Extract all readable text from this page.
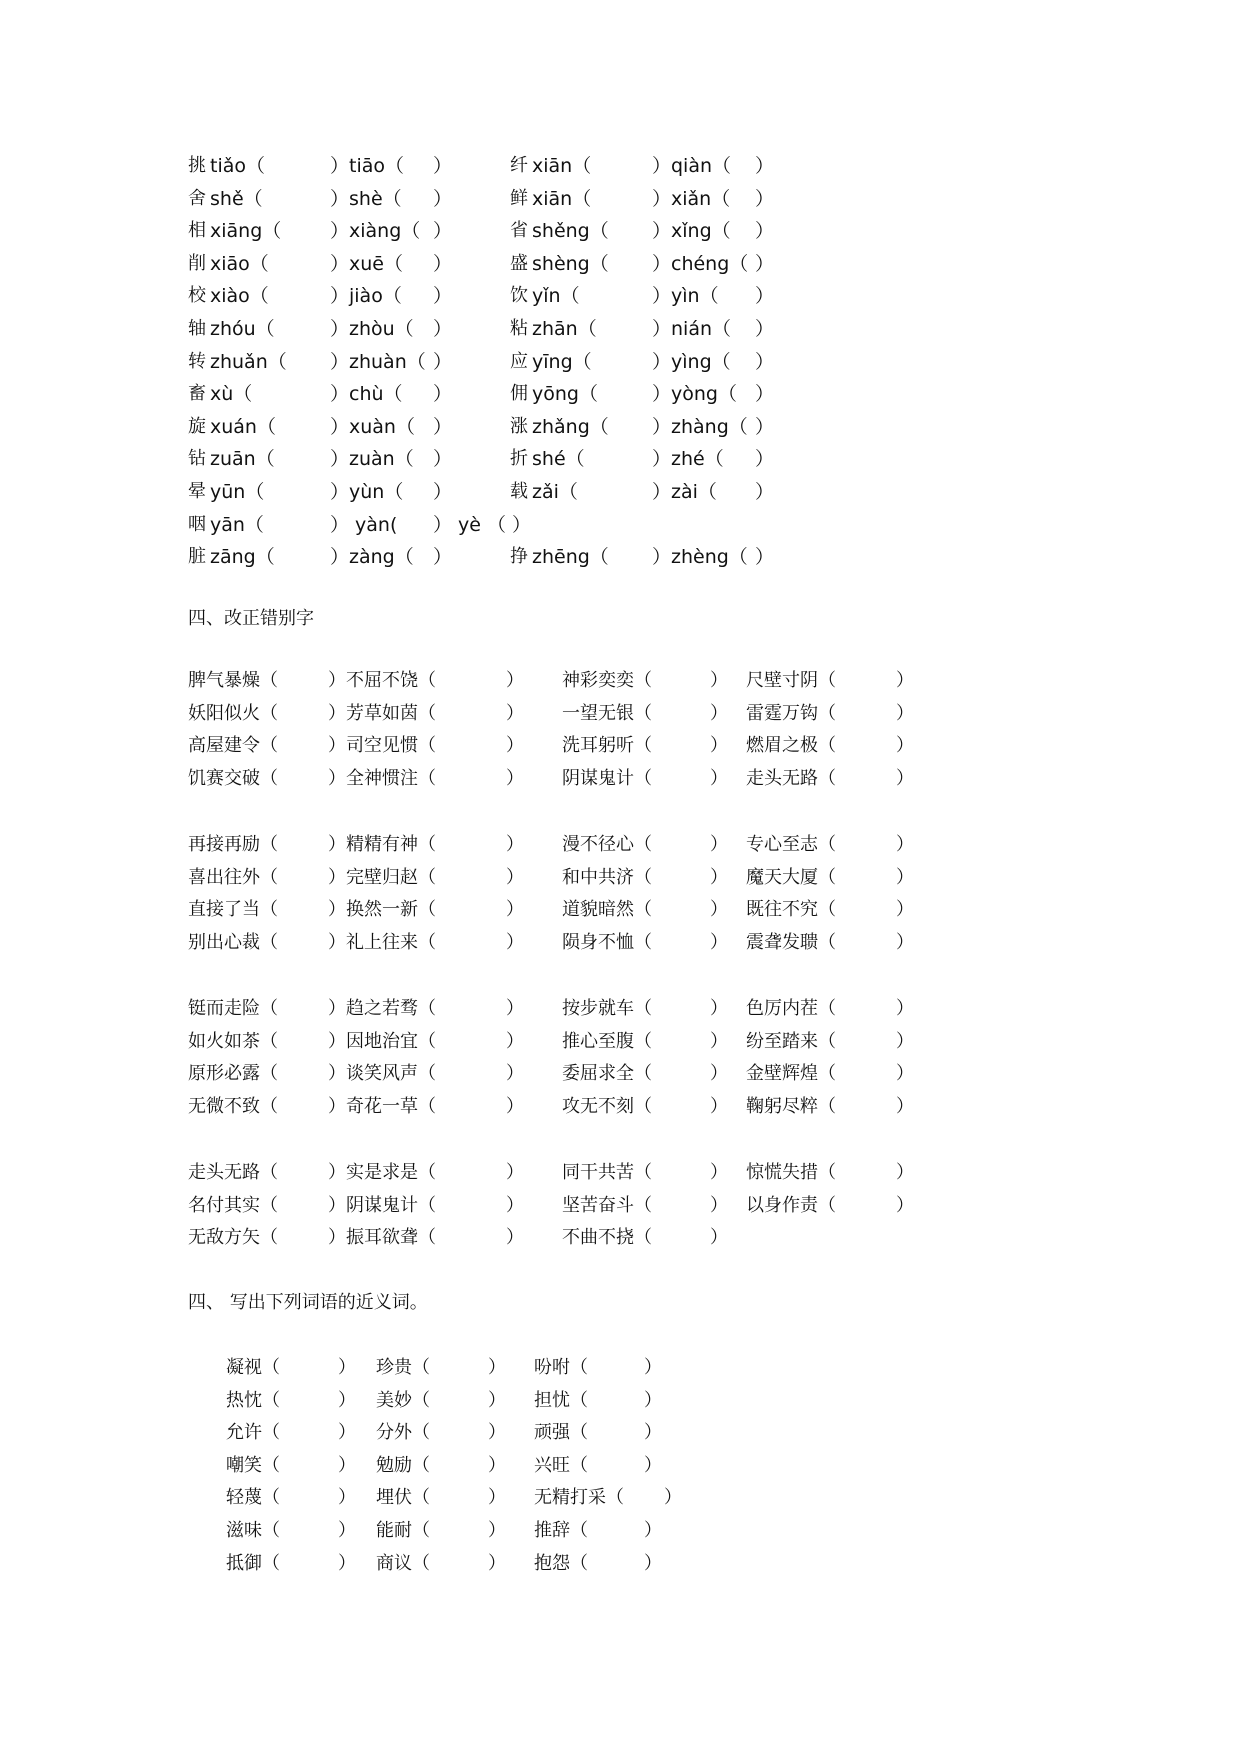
挑 tiǎo（	）tiāo（ ）	纤 xiān（	）qiàn（ ）
舍 shě（	）shè（ ）	鲜 xiān（	）xiǎn（ ）
相 xiāng（	）xiàng（ ）	省 shěng（ ）xǐng（ ）
削 xiāo（	）xuē（ ）	盛 shèng（ ）chéng（ ）
校 xiào（	）jiào（ ）	饮 yǐn（	）yìn（ ）
轴 zhóu（	）zhòu（ ）	粘 zhān（	）nián（ ）
转 zhuǎn（ ）zhuàn（ ）	应 yīng（	）yìng（ ）
畜 xù（	）chù（ ）	佣 yōng（	）yòng（ ）
旋 xuán（	）xuàn（ ）	涨 zhǎng（ ）zhàng（ ）
钻 zuān（	）zuàn（ ）	折 shé（	）zhé（ ）
晕 yūn（	）yùn（ ）	载 zǎi（	）zài（ ）
咽 yān（	） yàn( ） yè （ ）
脏 zāng（	）zàng（ ）	挣 zhēng（ ）zhèng（ ）
四、改正错别字
脾气暴燥（	）不屈不饶（	） 神彩奕奕（	） 尺壁寸阴（	）
妖阳似火（	）芳草如茵（	） 一望无银（	） 雷霆万钩（	）
高屋建令（	）司空见惯（	） 洗耳躬听（	） 燃眉之极（	）
饥赛交破（	）全神惯注（	） 阴谋鬼计（	） 走头无路（	）
再接再励（	）精精有神（	） 漫不径心（	） 专心至志（	）
喜出往外（	）完壁归赵（	） 和中共济（	） 魔天大厦（	）
直接了当（	）换然一新（	） 道貌暗然（	） 既往不究（	）
别出心裁（	）礼上往来（	） 陨身不恤（	） 震聋发聩（	）
铤而走险（	）趋之若骛（	） 按步就车（	） 色厉内茬（	）
如火如茶（	）因地治宜（	） 推心至腹（	） 纷至踏来（	）
原形必露（	）谈笑风声（	） 委屈求全（	） 金壁辉煌（	）
无微不致（	）奇花一草（	） 攻无不刻（	） 鞠躬尽粹（	）
走头无路（	）实是求是（	） 同干共苦（	） 惊慌失措（	）
名付其实（	）阴谋鬼计（	） 坚苦奋斗（	） 以身作责（	）
无敌方矢（	）振耳欲聋（	） 不曲不挠（	）
四、 写出下列词语的近义词。
凝视（	） 珍贵（	） 吩咐（	）
热忱（	） 美妙（	） 担忧（	）
允许（	） 分外（	） 顽强（	）
嘲笑（	） 勉励（	） 兴旺（	）
轻蔑（	） 埋伏（	） 无精打采（ ）
滋味（	） 能耐（	） 推辞（	）
抵御（	） 商议（	） 抱怨（	）
